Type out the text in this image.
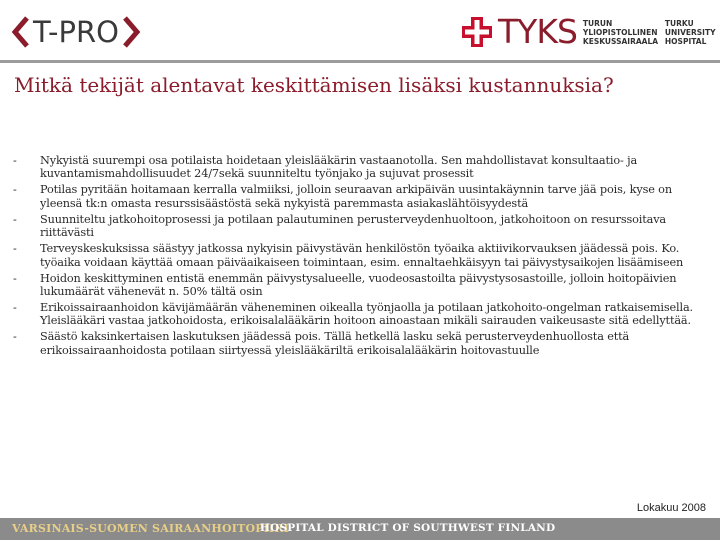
T-PRO	TYKS TURUN
YLIOPISTOLLINEN
KESKUSSAIRAALA
TURKU
UNIVERSITY
HOSPITAL
Mitkä tekijät alentavat keskittämisen lisäksi kustannuksia?
- Nykyistä suurempi osa potilaista hoidetaan yleislääkärin vastaanotolla. Sen mahdollistavat konsultaatio- ja kuvantamismahdollisuudet 24/7sekä suunniteltu työnjako ja sujuvat prosessit
- Potilas pyritään hoitamaan kerralla valmiiksi, jolloin seuraavan arkipäivän uusintakäynnin tarve jää pois, kyse on yleensä tk:n omasta resurssisäästöstä sekä nykyistä paremmasta asiakaslähtöisyydestä
- Suunniteltu jatkohoitoprosessi ja potilaan palautuminen perusterveydenhuoltoon, jatkohoitoon on resurssoitava riittävästi
- Terveyskeskuksissa säästyy jatkossa nykyisin päivystävän henkilöstön työaika aktiivikorvauksen jäädessä pois. Ko. työaika voidaan käyttää omaan päiväaikaiseen toimintaan, esim. ennaltaehkäisyyn tai päivystysaikojen lisäämiseen
- Hoidon keskittyminen entistä enemmän päivystysalueelle, vuodeosastoilta päivystysosastoille, jolloin hoitopäivien lukumäärät vähenevät n. 50% tältä osin
- Erikoissairaanhoidon kävijämäärän väheneminen oikealla työnjaolla ja potilaan jatkohoito-ongelman ratkaisemisella. Yleislääkäri vastaa jatkohoidosta, erikoisalalääkärin hoitoon ainoastaan mikäli sairauden vaikeusaste sitä edellyttää.
- Säästö kaksinkertaisen laskutuksen jäädessä pois. Tällä hetkellä lasku sekä perusterveydenhuollosta että erikoissairaanhoidosta potilaan siirtyessä yleislääkäriltä erikoisalalääkärin hoitovastuulle
Lokakuu 2008
VARSINAIS-SUOMEN SAIRAANHOITOPIIRI
HOSPITAL DISTRICT OF SOUTHWEST FINLAND
